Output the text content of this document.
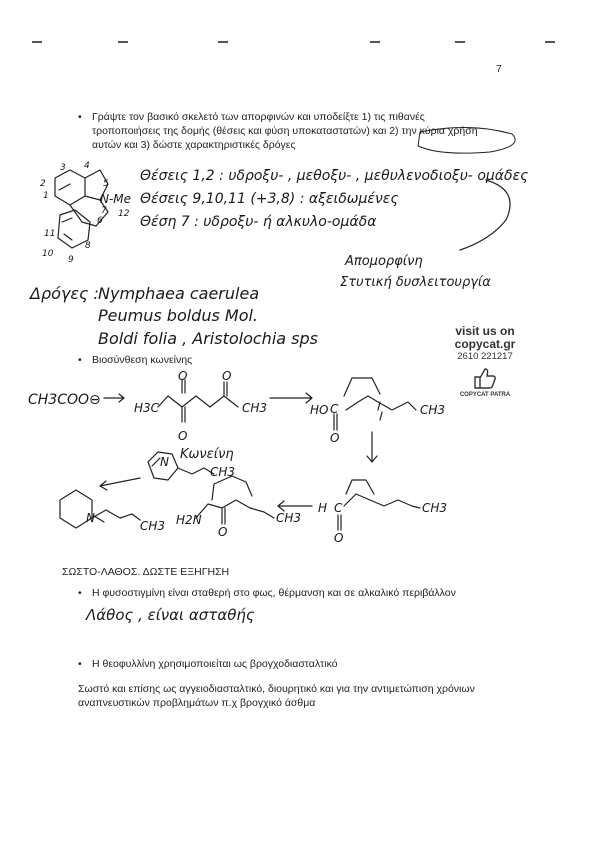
7
• Γράψτε τον βασικό σκελετό των απορφινών και υποδείξτε 1) τις πιθανές
τροποποιήσεις της δομής (θέσεις και φύση υποκαταστατών) και 2) την κύρια χρήση
αυτών και 3) δώστε χαρακτηριστικές δρόγες
Θέσεις 1,2 : υδροξυ- , μεθοξυ- , μεθυλενοδιοξυ- ομάδες
Θέσεις 9,10,11 (+3,8) : αξειδωμένες
Θέση 7 : υδροξυ- ή αλκυλο-ομάδα
Απομορφίνη
Στυτική δυσλειτουργία
Δρόγες : Nymphaea caerulea
Peumus boldus Mol.
Boldi folia , Aristolochia sps	visit us on
copycat.gr
2610 221217
COPYCAT PATRA
• Βιοσύνθεση κωνείνης
2
1
3 4
5
6
7
8
9
10
11
12
N-Me
CH3COO⊖	H3C
O
O	O
CH3	HO C
O
CH3
H C
O
CH3
H2N
O
CH3
CH3
N Κωνείνη
N
CH3
ΣΩΣΤΟ-ΛΑΘΟΣ. ΔΩΣΤΕ ΕΞΗΓΗΣΗ
• Η φυσοστιγμίνη είναι σταθερή στο φως, θέρμανση και σε αλκαλικό περιβάλλον
Λάθος , είναι ασταθής
• Η θεοφυλλίνη χρησιμοποιείται ως βρογχοδιασταλτικό
Σωστό και επίσης ως αγγειοδιασταλτικό, διουρητικό και για την αντιμετώπιση χρόνιων
αναπνευστικών προβλημάτων π.χ βρογχικό άσθμα
